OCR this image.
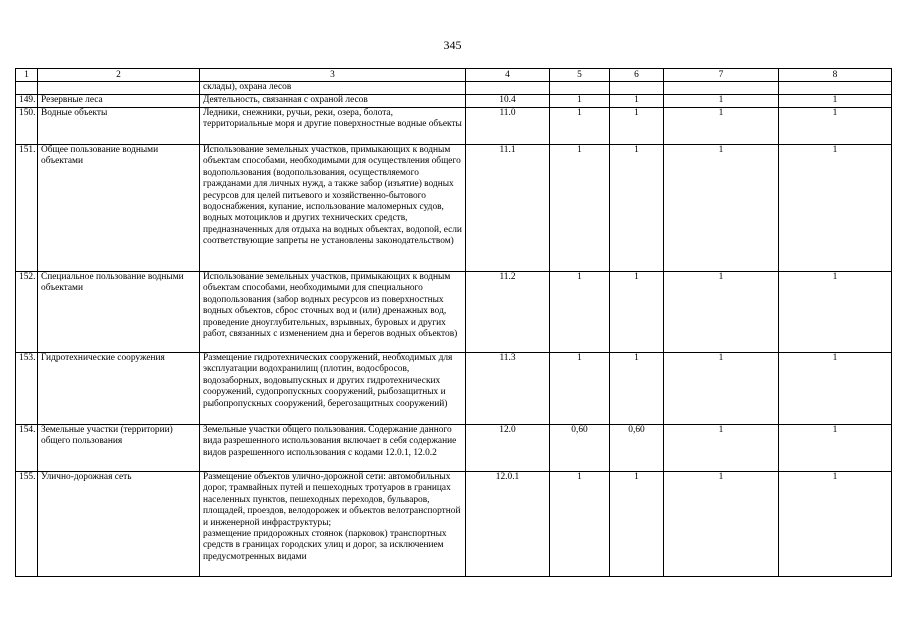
345
1	2	3	4	5	6	7	8
		склады), охрана лесов					
149.	Резервные леса	Деятельность, связанная с охраной лесов	10.4	1	1	1	1
150.	Водные объекты	Ледники, снежники, ручьи, реки, озера, болота, территориальные моря и другие поверхностные водные объекты	11.0	1	1	1	1
151.	Общее пользование водными объектами	Использование земельных участков, примыкающих к водным объектам способами, необходимыми для осуществления общего водопользования (водопользования, осуществляемого гражданами для личных нужд, а также забор (изъятие) водных ресурсов для целей питьевого и хозяйственно-бытового водоснабжения, купание, использование маломерных судов, водных мотоциклов и других технических средств, предназначенных для отдыха на водных объектах, водопой, если соответствующие запреты не установлены законодательством)	11.1	1	1	1	1
152.	Специальное пользование водными объектами	Использование земельных участков, примыкающих к водным объектам способами, необходимыми для специального водопользования (забор водных ресурсов из поверхностных водных объектов, сброс сточных вод и (или) дренажных вод, проведение дноуглубительных, взрывных, буровых и других работ, связанных с изменением дна и берегов водных объектов)	11.2	1	1	1	1
153.	Гидротехнические сооружения	Размещение гидротехнических сооружений, необходимых для эксплуатации водохранилищ (плотин, водосбросов, водозаборных, водовыпускных и других гидротехнических сооружений, судопропускных сооружений, рыбозащитных и рыбопропускных сооружений, берегозащитных сооружений)	11.3	1	1	1	1
154.	Земельные участки (территории) общего пользования	Земельные участки общего пользования. Содержание данного вида разрешенного использования включает в себя содержание видов разрешенного использования с кодами 12.0.1, 12.0.2	12.0	0,60	0,60	1	1
155.	Улично-дорожная сеть	Размещение объектов улично-дорожной сети: автомобильных дорог, трамвайных путей и пешеходных тротуаров в границах населенных пунктов, пешеходных переходов, бульваров, площадей, проездов, велодорожек и объектов велотранспортной и инженерной инфраструктуры;
размещение придорожных стоянок (парковок) транспортных средств в границах городских улиц и дорог, за исключением предусмотренных видами	12.0.1	1	1	1	1
